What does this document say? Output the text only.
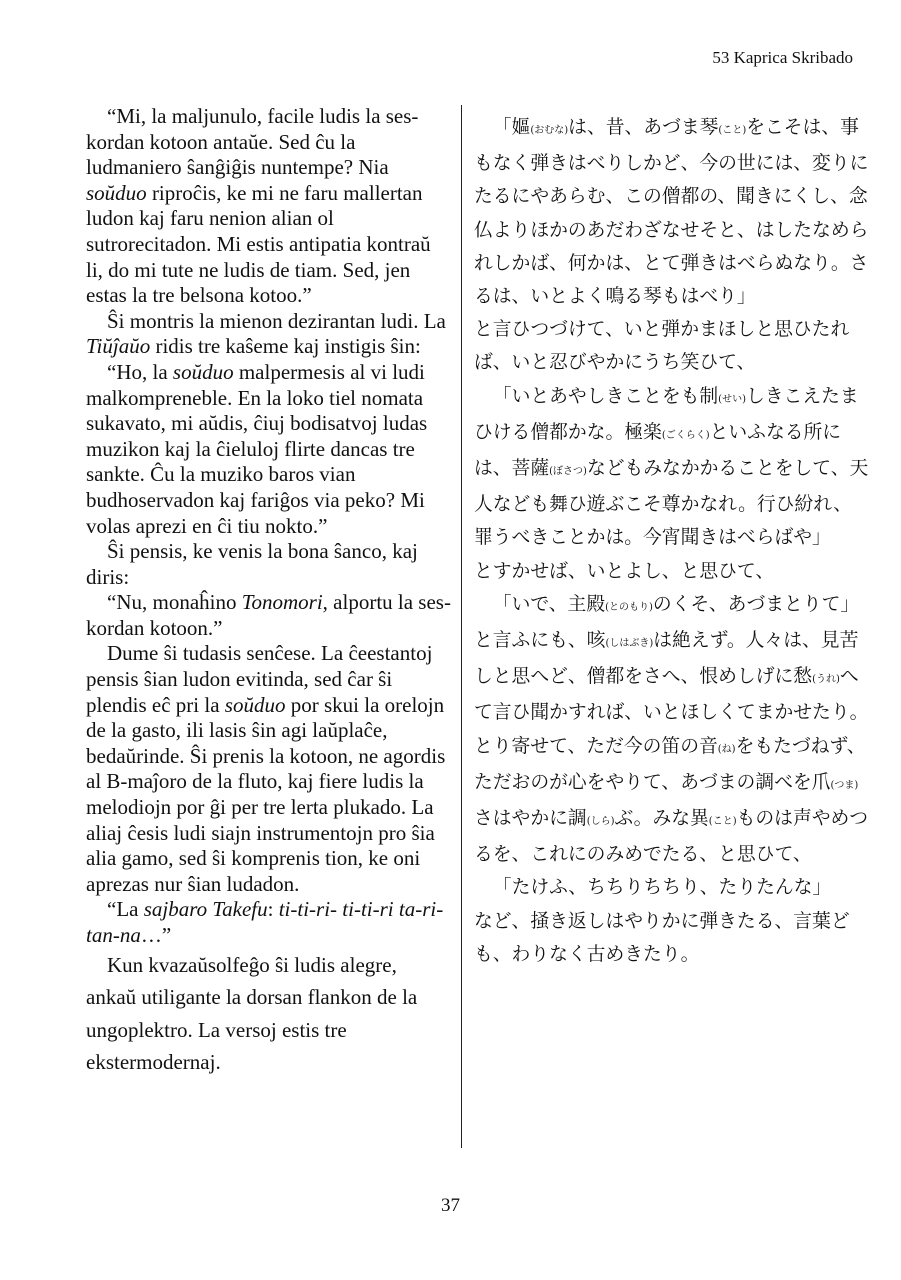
53 Kaprica Skribado

“Mi, la maljunulo, facile ludis la ses-kordan kotoon antaŭe. Sed ĉu la ludmaniero ŝanĝiĝis nuntempe? Nia soŭduo riproĉis, ke mi ne faru mallertan ludon kaj faru nenion alian ol sutrorecitadon. Mi estis antipatia kontraŭ li, do mi tute ne ludis de tiam. Sed, jen estas la tre belsona kotoo.”

Ŝi montris la mienon dezirantan ludi. La Tiŭĵaŭo ridis tre kaŝeme kaj instigis ŝin:

“Ho, la soŭduo malpermesis al vi ludi malkompreneble. En la loko tiel nomata sukavato, mi aŭdis, ĉiuj bodisatvoj ludas muzikon kaj la ĉieluloj flirte dancas tre sankte. Ĉu la muziko baros vian budhoservadon kaj fariĝos via peko? Mi volas aprezi en ĉi tiu nokto.”

Ŝi pensis, ke venis la bona ŝanco, kaj diris:

“Nu, monaĥino Tonomori, alportu la ses-kordan kotoon.”

Dume ŝi tudasis senĉese. La ĉeestantoj pensis ŝian ludon evitinda, sed ĉar ŝi plendis eĉ pri la soŭduo por skui la orelojn de la gasto, ili lasis ŝin agi laŭplaĉe, bedaŭrinde. Ŝi prenis la kotoon, ne agordis al B-maĵoro de la fluto, kaj fiere ludis la melodiojn por ĝi per tre lerta plukado. La aliaj ĉesis ludi siajn instrumentojn pro ŝia alia gamo, sed ŝi komprenis tion, ke oni aprezas nur ŝian ludadon.

“La sajbaro Takefu: ti-ti-ri- ti-ti-ri ta-ri-tan-na…”

Kun kvazaŭsolfeĝo ŝi ludis alegre, ankaŭ utiligante la dorsan flankon de la ungoplektro. La versoj estis tre ekstermodernaj.

「嫗(おむな)は、昔、あづま琴(こと)をこそは、事もなく弾きはべりしかど、今の世には、変りにたるにやあらむ、この僧都の、聞きにくし、念仏よりほかのあだわざなせそと、はしたなめられしかば、何かは、とて弾きはべらぬなり。さるは、いとよく鳴る琴もはべり」

と言ひつづけて、いと弾かまほしと思ひたれば、いと忍びやかにうち笑ひて、

「いとあやしきことをも制(せい)しきこえたまひける僧都かな。極楽(ごくらく)といふなる所には、菩薩(ぼさつ)などもみなかかることをして、天人なども舞ひ遊ぶこそ尊かなれ。行ひ紛れ、罪うべきことかは。今宵聞きはべらばや」

とすかせば、いとよし、と思ひて、

「いで、主殿(とのもり)のくそ、あづまとりて」

と言ふにも、咳(しはぶき)は絶えず。人々は、見苦しと思へど、僧都をさへ、恨めしげに愁(うれ)へて言ひ聞かすれば、いとほしくてまかせたり。とり寄せて、ただ今の笛の音(ね)をもたづねず、ただおのが心をやりて、あづまの調べを爪(つま)さはやかに調(しら)ぶ。みな異(こと)ものは声やめつるを、これにのみめでたる、と思ひて、

「たけふ、ちちりちちり、たりたんな」

など、掻き返しはやりかに弾きたる、言葉ども、わりなく古めきたり。

37
